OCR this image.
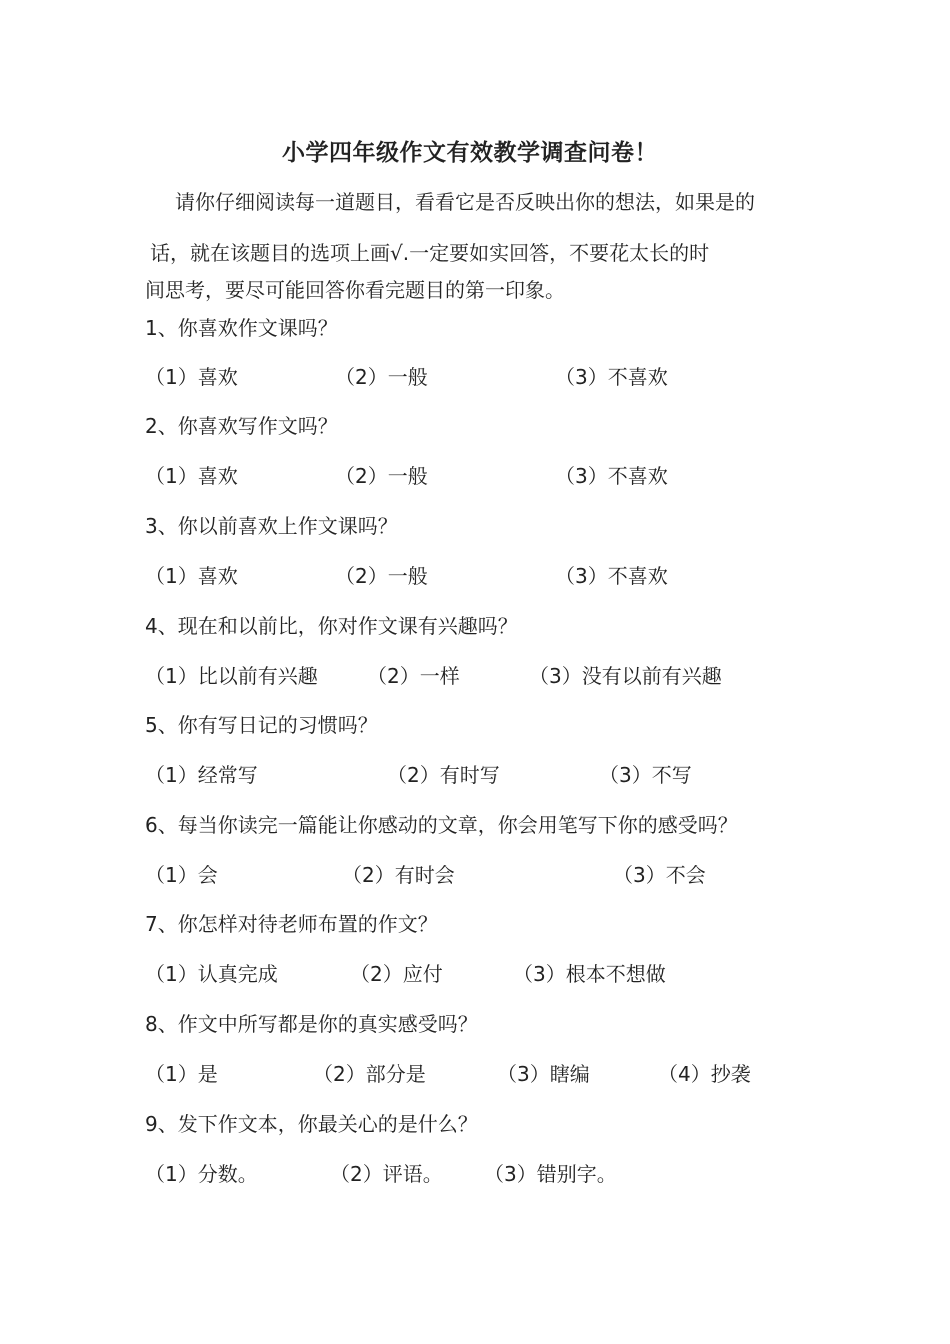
小学四年级作文有效教学调查问卷！
请你仔细阅读每一道题目，看看它是否反映出你的想法，如果是的
话，就在该题目的选项上画√.一定要如实回答，不要花太长的时
间思考，要尽可能回答你看完题目的第一印象。
1、你喜欢作文课吗？
（1）喜欢	（2）一般	（3）不喜欢
2、你喜欢写作文吗？
（1）喜欢	（2）一般	（3）不喜欢
3、你以前喜欢上作文课吗？
（1）喜欢	（2）一般	（3）不喜欢
4、现在和以前比，你对作文课有兴趣吗？
（1）比以前有兴趣 （2）一样	（3）没有以前有兴趣
5、你有写日记的习惯吗？
（1）经常写	（2）有时写	（3）不写
6、每当你读完一篇能让你感动的文章，你会用笔写下你的感受吗？
（1）会	（2）有时会	（3）不会
7、你怎样对待老师布置的作文？
（1）认真完成	（2）应付	（3）根本不想做
8、作文中所写都是你的真实感受吗？
（1）是	（2）部分是	（3）瞎编	（4）抄袭
9、发下作文本，你最关心的是什么？
（1）分数。	（2）评语。 （3）错别字。
